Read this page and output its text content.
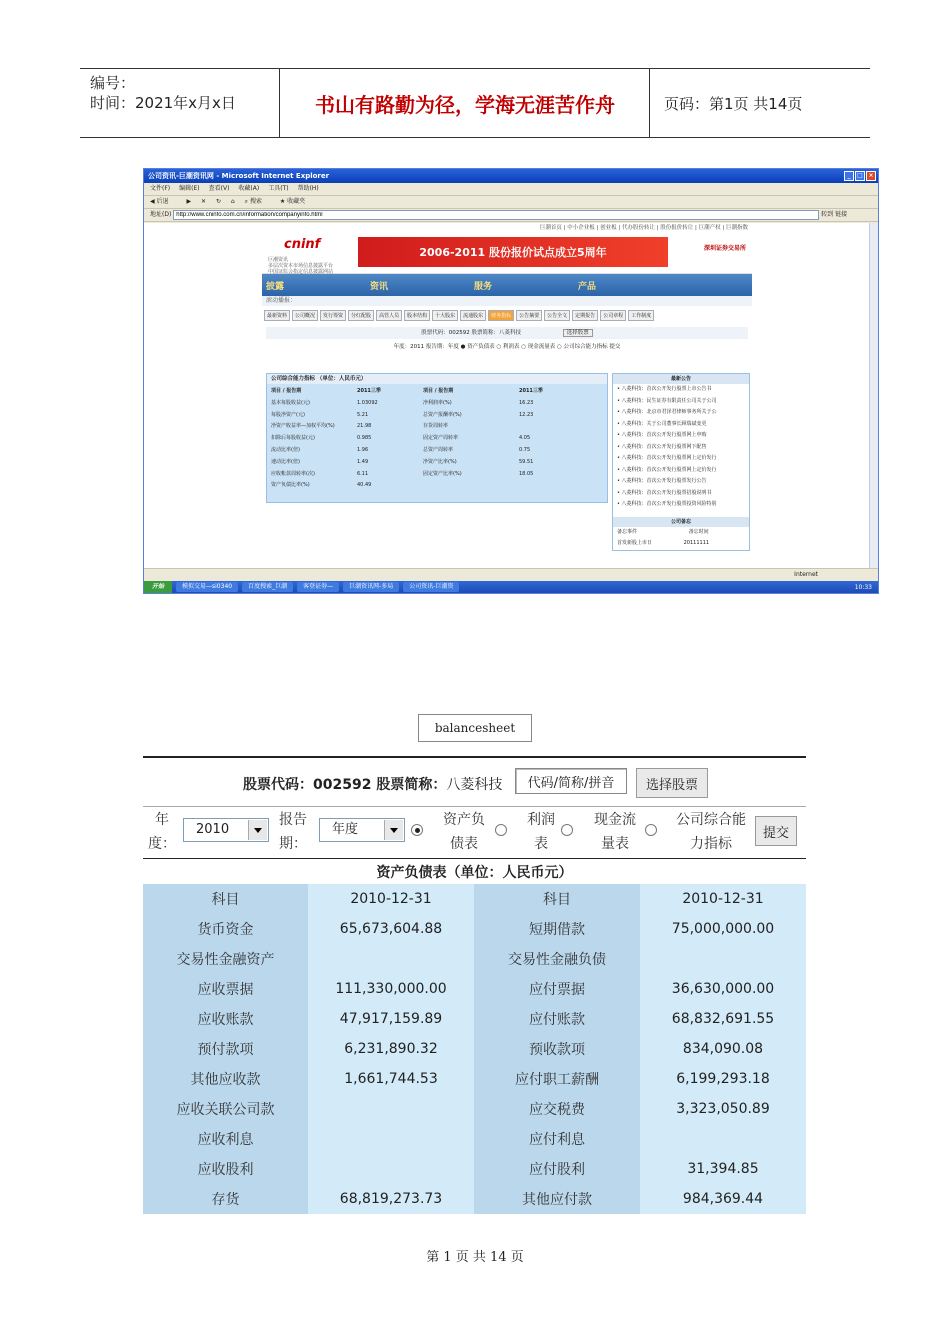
编号：
时间：2021年x月x日	书山有路勤为径，学海无涯苦作舟	页码：第1页 共14页
公司资讯-巨潮资讯网 - Microsoft Internet Explorer	_	□ ×
文件(F) 编辑(E) 查看(V) 收藏(A) 工具(T) 帮助(H)
◀ 后退	▶ ✕ ↻ ⌂ ⌕ 搜索	★ 收藏夹
地址(D) http://www.cninfo.com.cn/information/companyinfo.html	转到 链接
巨潮首页 | 中小企业板 | 创业板 | 代办股份转让 | 股份报价转让 | 巨潮产权 | 巨潮指数
cninf
巨潮资讯
多层次资本市场信息披露平台
中国证监会指定信息披露网站
2006-2011 股份报价试点成立5周年	深圳证券交易所
披露	资讯	服务	产品
滚动播报：
最新资料	公司概况	发行筹资	分红配股	高管人员	股本结构	十大股东	流通股东	财务指标	公告摘要	公告全文	定期报告	公司章程	工作制度
股票代码：002592 股票简称：八菱科技	选择股票
年度：2011 报告期：年度 ● 资产负债表 ○ 利润表 ○ 现金流量表 ○ 公司综合能力指标 提交
公司综合能力指标 （单位：人民币元）
项目 / 报告期	2011三季	项目 / 报告期	2011三季
基本每股收益(元)	1.03092	净利润率(%)	16.23
每股净资产(元)	5.21	总资产报酬率(%)	12.23
净资产收益率—加权平均(%)	21.98	存货周转率
扣除后每股收益(元)	0.985	固定资产周转率	4.05
流动比率(倍)	1.96	总资产周转率	0.75
速动比率(倍)	1.49	净资产比率(%)	59.51
应收帐款周转率(次)	6.11	固定资产比率(%)	18.05
资产负债比率(%)	40.49
最新公告
• 八菱科技：首次公开发行股票上市公告书
• 八菱科技：民生证券有限责任公司关于公司
• 八菱科技：北京市君泽君律师事务所关于公
• 八菱科技：关于公司董事长顾瑞斌变更
• 八菱科技：首次公开发行股票网上申购
• 八菱科技：首次公开发行股票网下配售
• 八菱科技：首次公开发行股票网上定价发行
• 八菱科技：首次公开发行股票网上定价发行
• 八菱科技：首次公开发行股票发行公告
• 八菱科技：首次公开发行股票招股说明书
• 八菱科技：首次公开发行股票投资风险特别
公司备忘
备忘事件	备忘时间
首发新股上市日	20111111
Internet
开始	模拟交易—si0340	百度搜索_巨潮	客登证券—	巨潮资讯网-多局	公司资讯-巨潮资	10:33
balancesheet
股票代码：002592 股票简称：八菱科技	代码/简称/拼音	选择股票
年度：
2010
报告期：
年度
资产负债表
利润表
现金流量表
公司综合能力指标
提交
资产负债表（单位：人民币元）
科目	2010-12-31	科目	2010-12-31
货币资金	65,673,604.88	短期借款	75,000,000.00
交易性金融资产		交易性金融负债	
应收票据	111,330,000.00	应付票据	36,630,000.00
应收账款	47,917,159.89	应付账款	68,832,691.55
预付款项	6,231,890.32	预收款项	834,090.08
其他应收款	1,661,744.53	应付职工薪酬	6,199,293.18
应收关联公司款		应交税费	3,323,050.89
应收利息		应付利息	
应收股利		应付股利	31,394.85
存货	68,819,273.73	其他应付款	984,369.44
第 1 页 共 14 页
